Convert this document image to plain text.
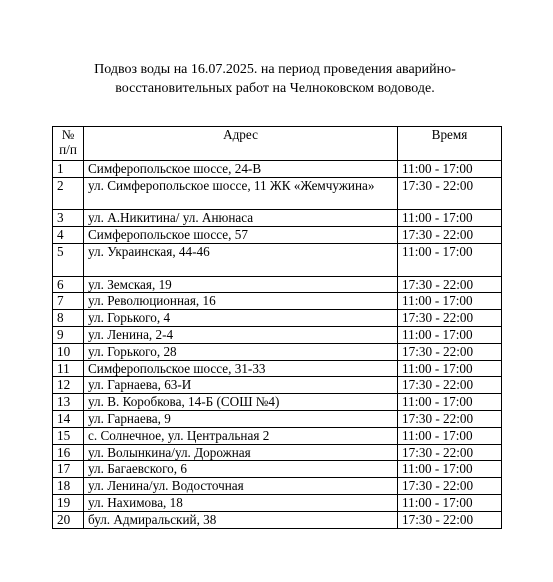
Подвоз воды на 16.07.2025. на период проведения аварийно-
восстановительных работ на Челноковском водоводе.
№
п/п	Адрес	Время
1	Симферопольское шоссе, 24-В	11:00 - 17:00
2	ул. Симферопольское шоссе, 11 ЖК «Жемчужина»	17:30 - 22:00
3	ул. А.Никитина/ ул. Анюнаса	11:00 - 17:00
4	Симферопольское шоссе, 57	17:30 - 22:00
5	ул. Украинская, 44-46	11:00 - 17:00
6	ул. Земская, 19	17:30 - 22:00
7	ул. Революционная, 16	11:00 - 17:00
8	ул. Горького, 4	17:30 - 22:00
9	ул. Ленина, 2-4	11:00 - 17:00
10	ул. Горького, 28	17:30 - 22:00
11	Симферопольское шоссе, 31-33	11:00 - 17:00
12	ул. Гарнаева, 63-И	17:30 - 22:00
13	ул. В. Коробкова, 14-Б (СОШ №4)	11:00 - 17:00
14	ул. Гарнаева, 9	17:30 - 22:00
15	с. Солнечное, ул. Центральная 2	11:00 - 17:00
16	ул. Волынкина/ул. Дорожная	17:30 - 22:00
17	ул. Багаевского, 6	11:00 - 17:00
18	ул. Ленина/ул. Водосточная	17:30 - 22:00
19	ул. Нахимова, 18	11:00 - 17:00
20	бул. Адмиральский, 38	17:30 - 22:00
